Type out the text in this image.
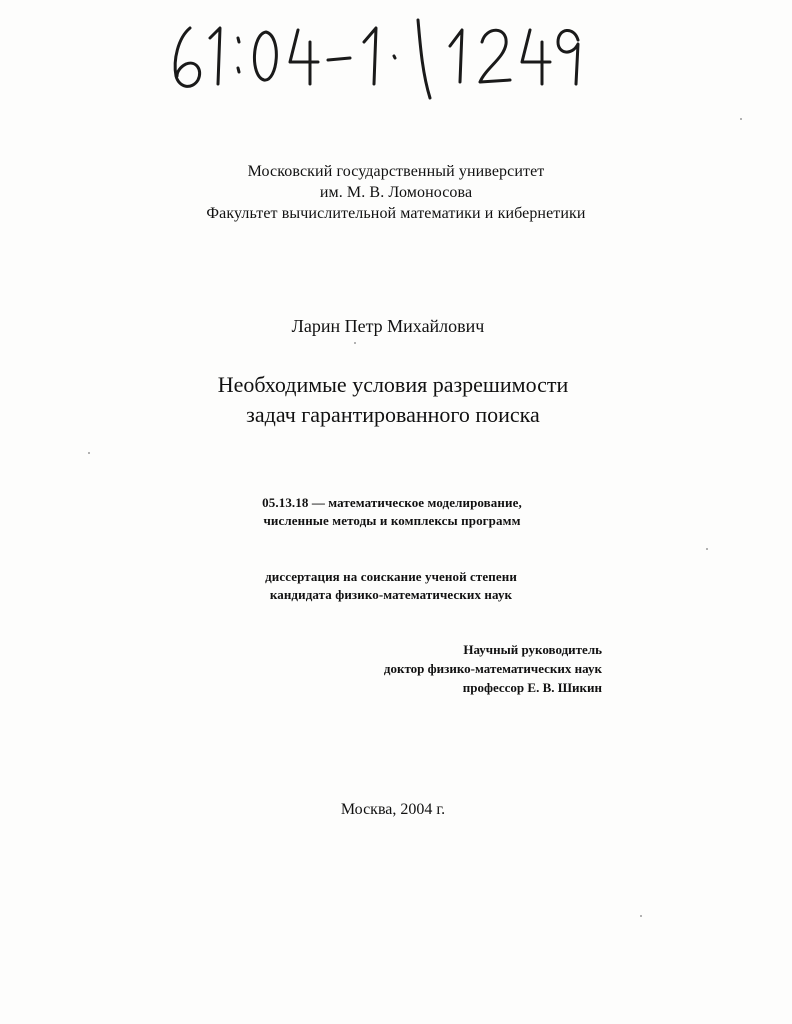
Московский государственный университет
им. М. В. Ломоносова
Факультет вычислительной математики и кибернетики
Ларин Петр Михайлович
Необходимые условия разрешимости
задач гарантированного поиска
05.13.18 — математическое моделирование,
численные методы и комплексы программ
диссертация на соискание ученой степени
кандидата физико-математических наук
Научный руководитель
доктор физико-математических наук
профессор Е. В. Шикин
Москва, 2004 г.
